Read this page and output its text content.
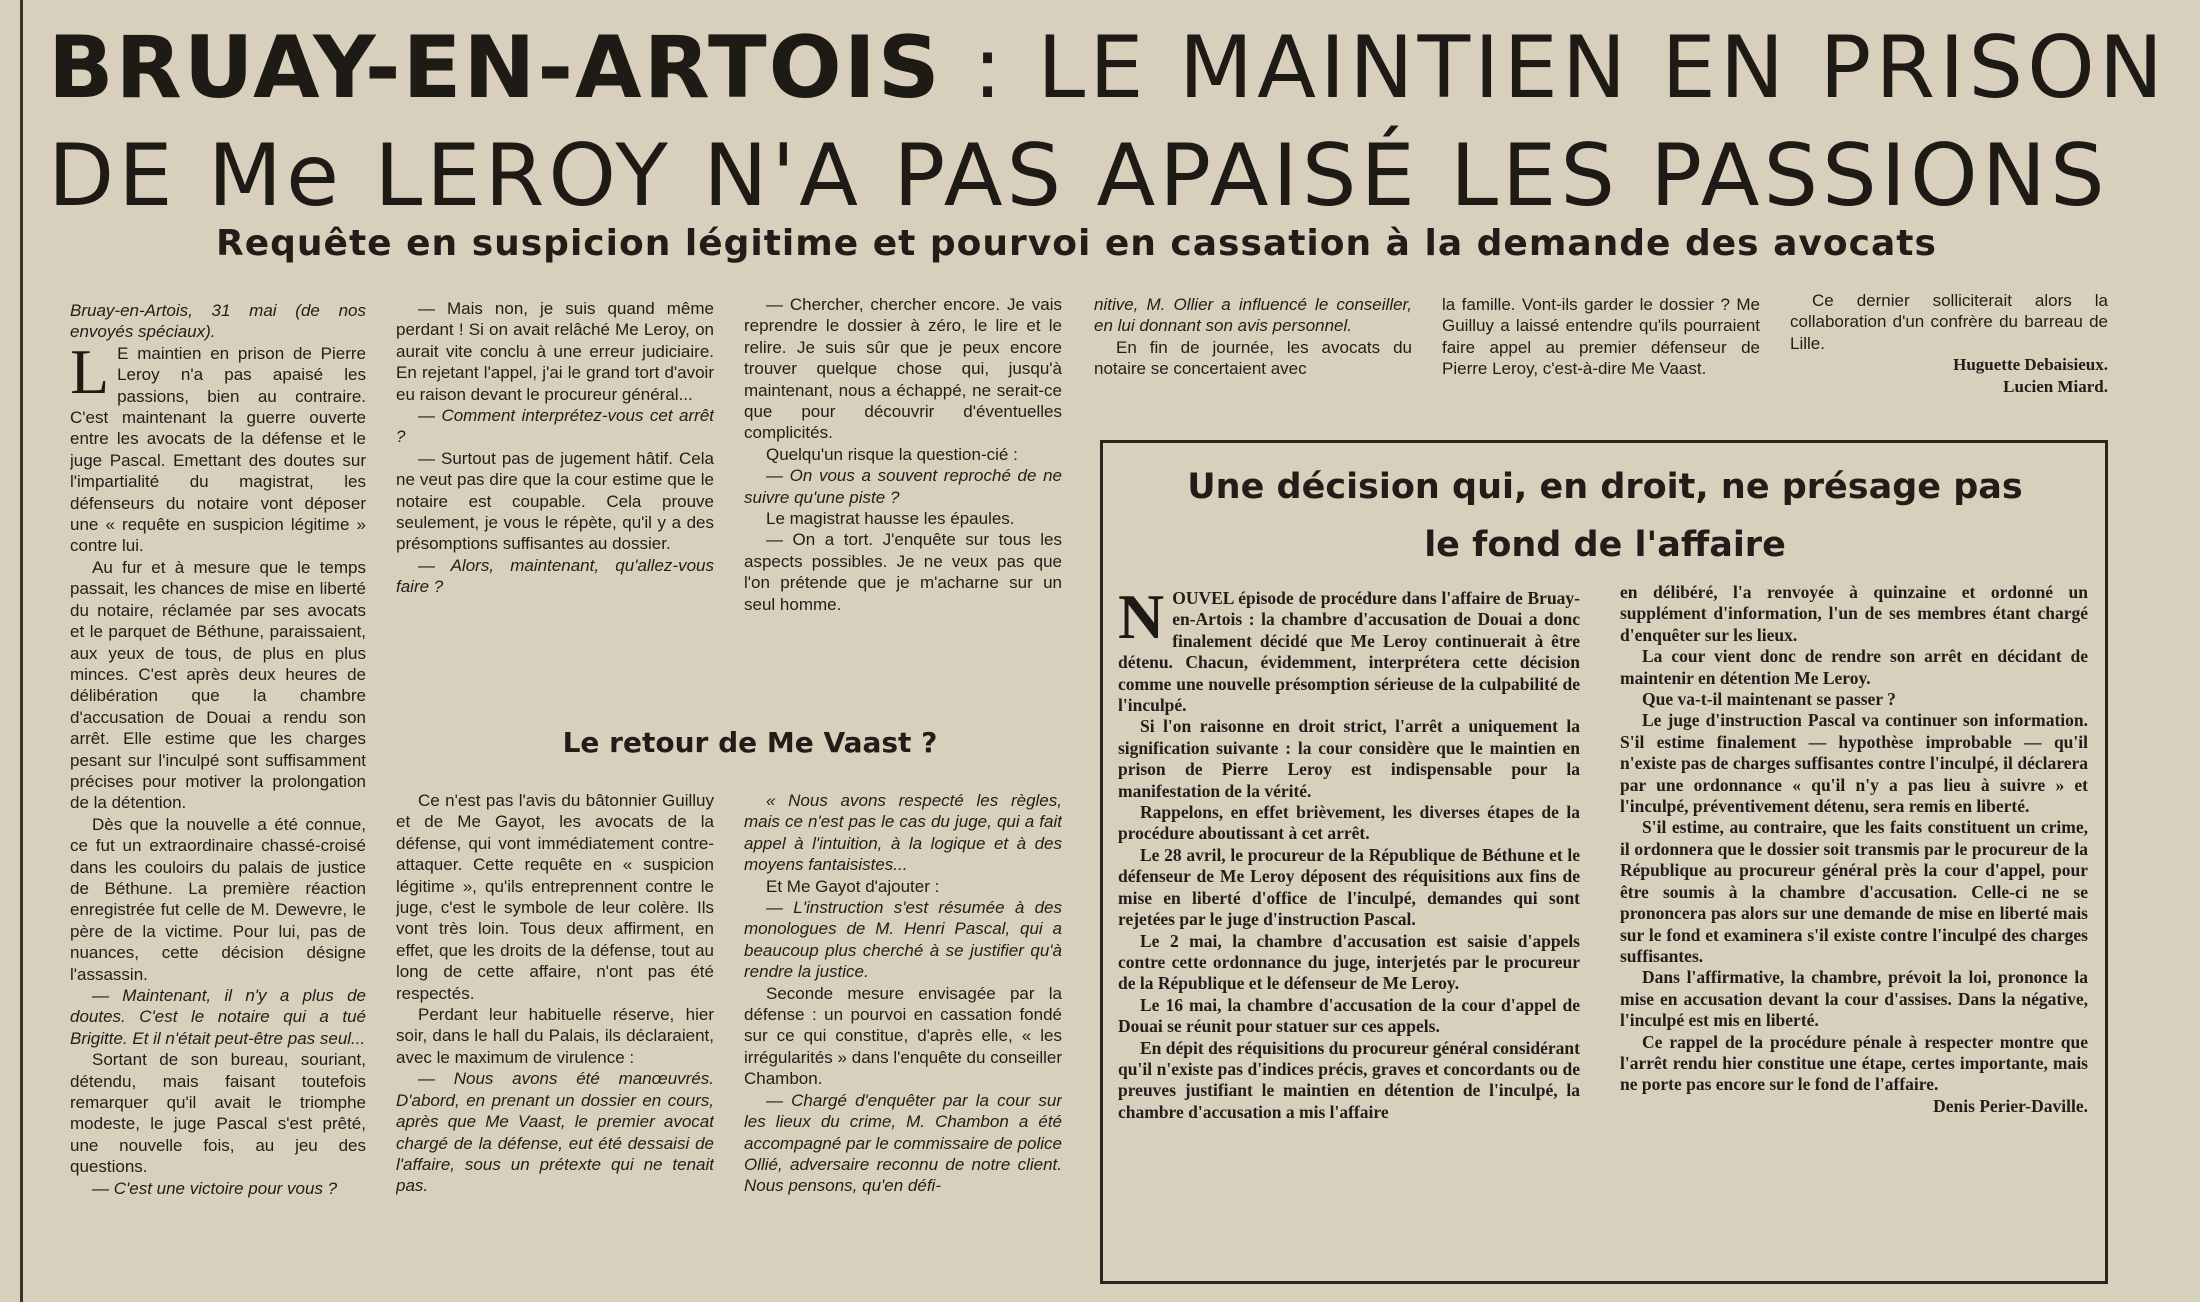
BRUAY-EN-ARTOIS : LE MAINTIEN EN PRISON
DE Me LEROY N'A PAS APAISÉ LES PASSIONS
Requête en suspicion légitime et pourvoi en cassation à la demande des avocats

Bruay-en-Artois, 31 mai (de nos envoyés spéciaux).

L E maintien en prison de Pierre Leroy n'a pas apaisé les passions, bien au contraire. C'est maintenant la guerre ouverte entre les avocats de la défense et le juge Pascal. Emettant des doutes sur l'impartialité du magistrat, les défenseurs du notaire vont déposer une « requête en suspicion légitime » contre lui.

Au fur et à mesure que le temps passait, les chances de mise en liberté du notaire, réclamée par ses avocats et le parquet de Béthune, paraissaient, aux yeux de tous, de plus en plus minces. C'est après deux heures de délibération que la chambre d'accusation de Douai a rendu son arrêt. Elle estime que les charges pesant sur l'inculpé sont suffisamment précises pour motiver la prolongation de la détention.

Dès que la nouvelle a été connue, ce fut un extraordinaire chassé-croisé dans les couloirs du palais de justice de Béthune. La première réaction enregistrée fut celle de M. Dewevre, le père de la victime. Pour lui, pas de nuances, cette décision désigne l'assassin.

— Maintenant, il n'y a plus de doutes. C'est le notaire qui a tué Brigitte. Et il n'était peut-être pas seul...

Sortant de son bureau, souriant, détendu, mais faisant toutefois remarquer qu'il avait le triomphe modeste, le juge Pascal s'est prêté, une nouvelle fois, au jeu des questions.

— C'est une victoire pour vous ?

— Mais non, je suis quand même perdant ! Si on avait relâché Me Leroy, on aurait vite conclu à une erreur judiciaire. En rejetant l'appel, j'ai le grand tort d'avoir eu raison devant le procureur général...

— Comment interprétez-vous cet arrêt ?

— Surtout pas de jugement hâtif. Cela ne veut pas dire que la cour estime que le notaire est coupable. Cela prouve seulement, je vous le répète, qu'il y a des présomptions suffisantes au dossier.

— Alors, maintenant, qu'allez-vous faire ?

— Chercher, chercher encore. Je vais reprendre le dossier à zéro, le lire et le relire. Je suis sûr que je peux encore trouver quelque chose qui, jusqu'à maintenant, nous a échappé, ne serait-ce que pour découvrir d'éventuelles complicités.

Quelqu'un risque la question-cié :

— On vous a souvent reproché de ne suivre qu'une piste ?

Le magistrat hausse les épaules.

— On a tort. J'enquête sur tous les aspects possibles. Je ne veux pas que l'on prétende que je m'acharne sur un seul homme.

Le retour de Me Vaast ?

Ce n'est pas l'avis du bâtonnier Guilluy et de Me Gayot, les avocats de la défense, qui vont immédiatement contre-attaquer. Cette requête en « suspicion légitime », qu'ils entreprennent contre le juge, c'est le symbole de leur colère. Ils vont très loin. Tous deux affirment, en effet, que les droits de la défense, tout au long de cette affaire, n'ont pas été respectés.

Perdant leur habituelle réserve, hier soir, dans le hall du Palais, ils déclaraient, avec le maximum de virulence :

— Nous avons été manœuvrés. D'abord, en prenant un dossier en cours, après que Me Vaast, le premier avocat chargé de la défense, eut été dessaisi de l'affaire, sous un prétexte qui ne tenait pas.

« Nous avons respecté les règles, mais ce n'est pas le cas du juge, qui a fait appel à l'intuition, à la logique et à des moyens fantaisistes...

Et Me Gayot d'ajouter :

— L'instruction s'est résumée à des monologues de M. Henri Pascal, qui a beaucoup plus cherché à se justifier qu'à rendre la justice.

Seconde mesure envisagée par la défense : un pourvoi en cassation fondé sur ce qui constitue, d'après elle, « les irrégularités » dans l'enquête du conseiller Chambon.

— Chargé d'enquêter par la cour sur les lieux du crime, M. Chambon a été accompagné par le commissaire de police Ollié, adversaire reconnu de notre client. Nous pensons, qu'en défi-

nitive, M. Ollier a influencé le conseiller, en lui donnant son avis personnel.

En fin de journée, les avocats du notaire se concertaient avec

la famille. Vont-ils garder le dossier ? Me Guilluy a laissé entendre qu'ils pourraient faire appel au premier défenseur de Pierre Leroy, c'est-à-dire Me Vaast.

Ce dernier solliciterait alors la collaboration d'un confrère du barreau de Lille.

Huguette Debaisieux.

Lucien Miard.

Une décision qui, en droit, ne présage pas
le fond de l'affaire

NOUVEL épisode de procédure dans l'affaire de Bruay-en-Artois : la chambre d'accusation de Douai a donc finalement décidé que Me Leroy continuerait à être détenu. Chacun, évidemment, interprétera cette décision comme une nouvelle présomption sérieuse de la culpabilité de l'inculpé.

Si l'on raisonne en droit strict, l'arrêt a uniquement la signification suivante : la cour considère que le maintien en prison de Pierre Leroy est indispensable pour la manifestation de la vérité.

Rappelons, en effet brièvement, les diverses étapes de la procédure aboutissant à cet arrêt.

Le 28 avril, le procureur de la République de Béthune et le défenseur de Me Leroy déposent des réquisitions aux fins de mise en liberté d'office de l'inculpé, demandes qui sont rejetées par le juge d'instruction Pascal.

Le 2 mai, la chambre d'accusation est saisie d'appels contre cette ordonnance du juge, interjetés par le procureur de la République et le défenseur de Me Leroy.

Le 16 mai, la chambre d'accusation de la cour d'appel de Douai se réunit pour statuer sur ces appels.

En dépit des réquisitions du procureur général considérant qu'il n'existe pas d'indices précis, graves et concordants ou de preuves justifiant le maintien en détention de l'inculpé, la chambre d'accusation a mis l'affaire

en délibéré, l'a renvoyée à quinzaine et ordonné un supplément d'information, l'un de ses membres étant chargé d'enquêter sur les lieux.

La cour vient donc de rendre son arrêt en décidant de maintenir en détention Me Leroy.

Que va-t-il maintenant se passer ?

Le juge d'instruction Pascal va continuer son information. S'il estime finalement — hypothèse improbable — qu'il n'existe pas de charges suffisantes contre l'inculpé, il déclarera par une ordonnance « qu'il n'y a pas lieu à suivre » et l'inculpé, préventivement détenu, sera remis en liberté.

S'il estime, au contraire, que les faits constituent un crime, il ordonnera que le dossier soit transmis par le procureur de la République au procureur général près la cour d'appel, pour être soumis à la chambre d'accusation. Celle-ci ne se prononcera pas alors sur une demande de mise en liberté mais sur le fond et examinera s'il existe contre l'inculpé des charges suffisantes.

Dans l'affirmative, la chambre, prévoit la loi, prononce la mise en accusation devant la cour d'assises. Dans la négative, l'inculpé est mis en liberté.

Ce rappel de la procédure pénale à respecter montre que l'arrêt rendu hier constitue une étape, certes importante, mais ne porte pas encore sur le fond de l'affaire.

Denis Perier-Daville.
